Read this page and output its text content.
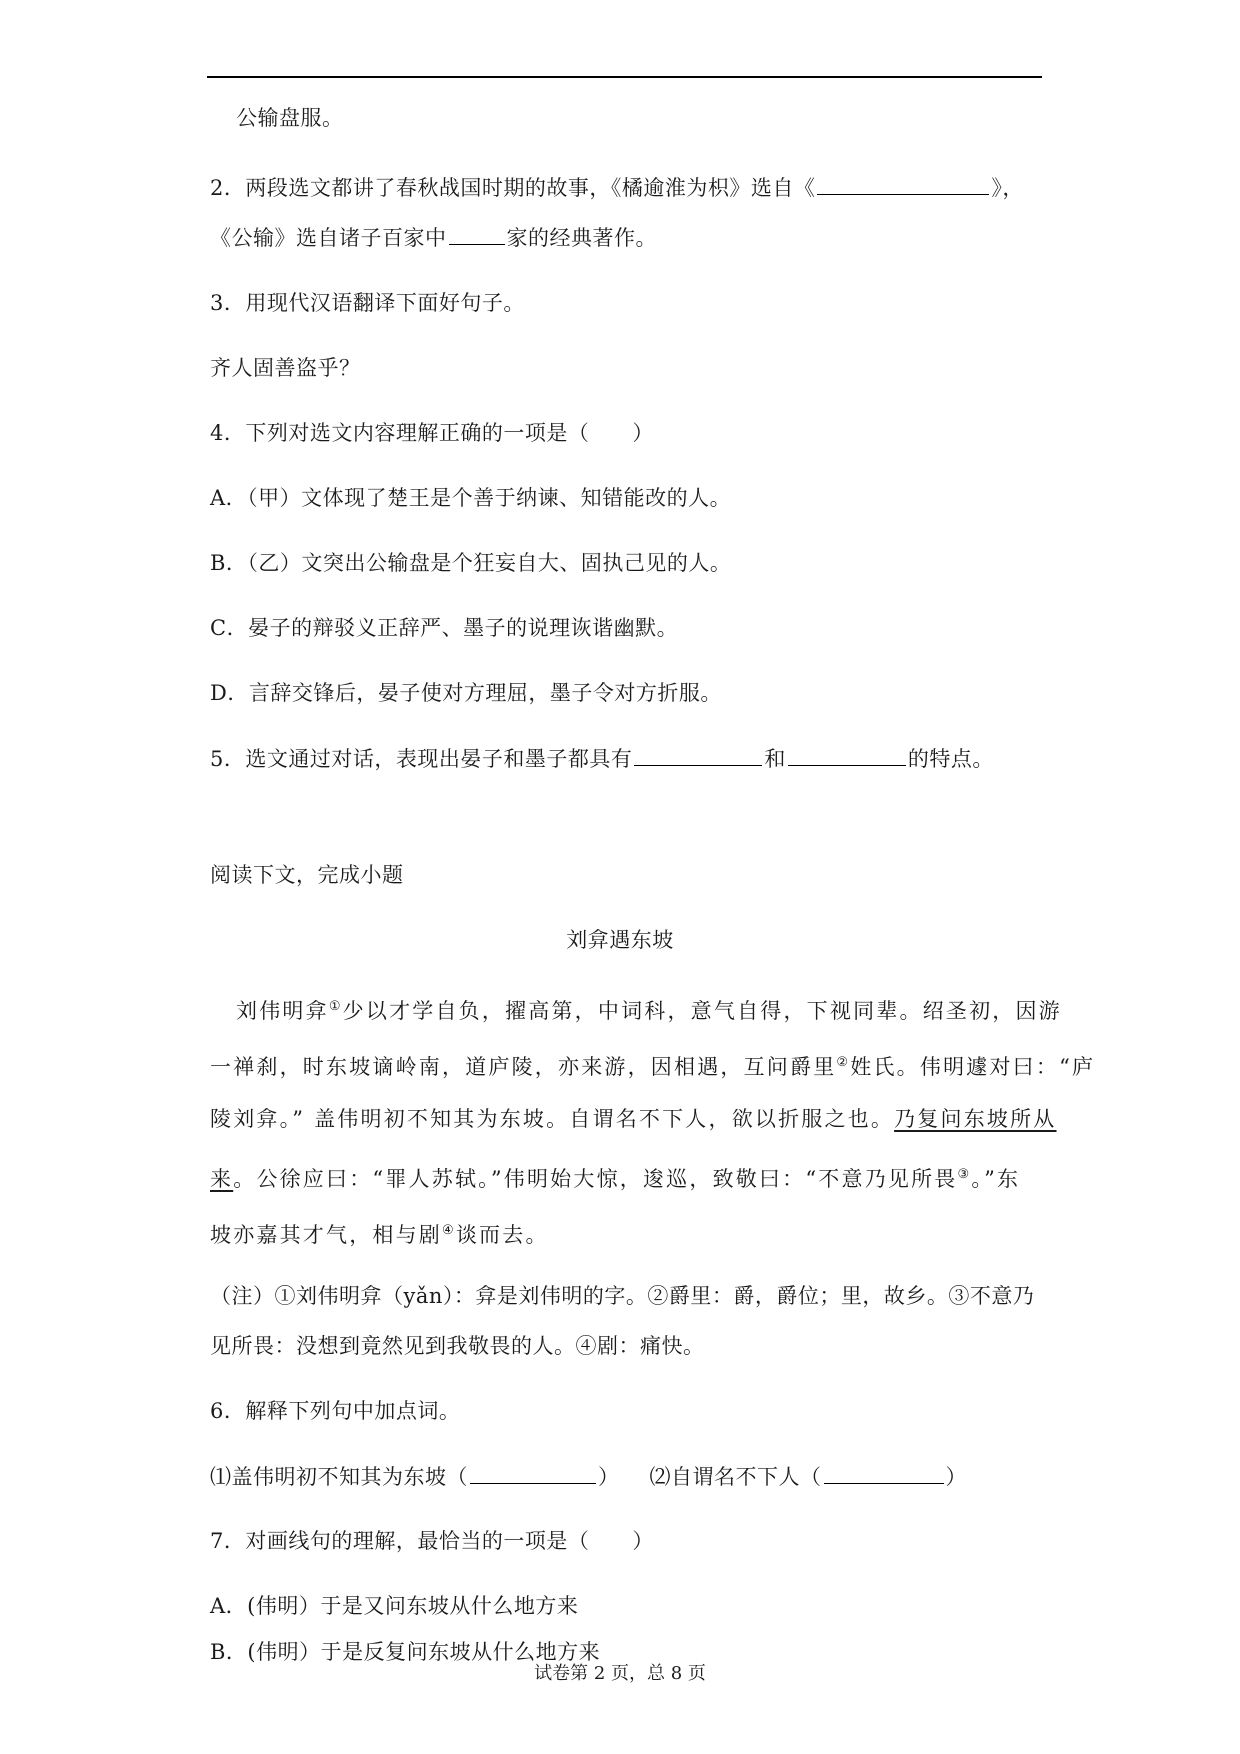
公输盘服。
2．两段选文都讲了春秋战国时期的故事，《橘逾淮为枳》选自《	》，
《公输》选自诸子百家中	家的经典著作。
3．用现代汉语翻译下面好句子。
齐人固善盗乎？
4．下列对选文内容理解正确的一项是（　　）
A．（甲）文体现了楚王是个善于纳谏、知错能改的人。
B．（乙）文突出公输盘是个狂妄自大、固执己见的人。
C．晏子的辩驳义正辞严、墨子的说理诙谐幽默。
D．言辞交锋后，晏子使对方理屈，墨子令对方折服。
5．选文通过对话，表现出晏子和墨子都具有	和	的特点。
阅读下文，完成小题
刘弇遇东坡
刘伟明弇①少以才学自负，擢高第，中词科，意气自得，下视同辈。绍圣初，因游
一禅刹，时东坡谪岭南，道庐陵，亦来游，因相遇，互问爵里②姓氏。伟明遽对曰：“庐
陵刘弇。” 盖伟明初不知其为东坡。自谓名不下人，欲以折服之也。乃复问东坡所从
来。公徐应曰：“罪人苏轼。”伟明始大惊，逡巡，致敬曰：“不意乃见所畏③。”东
坡亦嘉其才气，相与剧④谈而去。
（注）①刘伟明弇（yǎn）：弇是刘伟明的字。②爵里：爵，爵位；里，故乡。③不意乃
见所畏：没想到竟然见到我敬畏的人。④剧：痛快。
6．解释下列句中加点词。
⑴盖伟明初不知其为东坡（	） ⑵自谓名不下人（	）
7．对画线句的理解，最恰当的一项是（　　）
A．(伟明）于是又问东坡从什么地方来
B．(伟明）于是反复问东坡从什么地方来
试卷第 2 页，总 8 页
